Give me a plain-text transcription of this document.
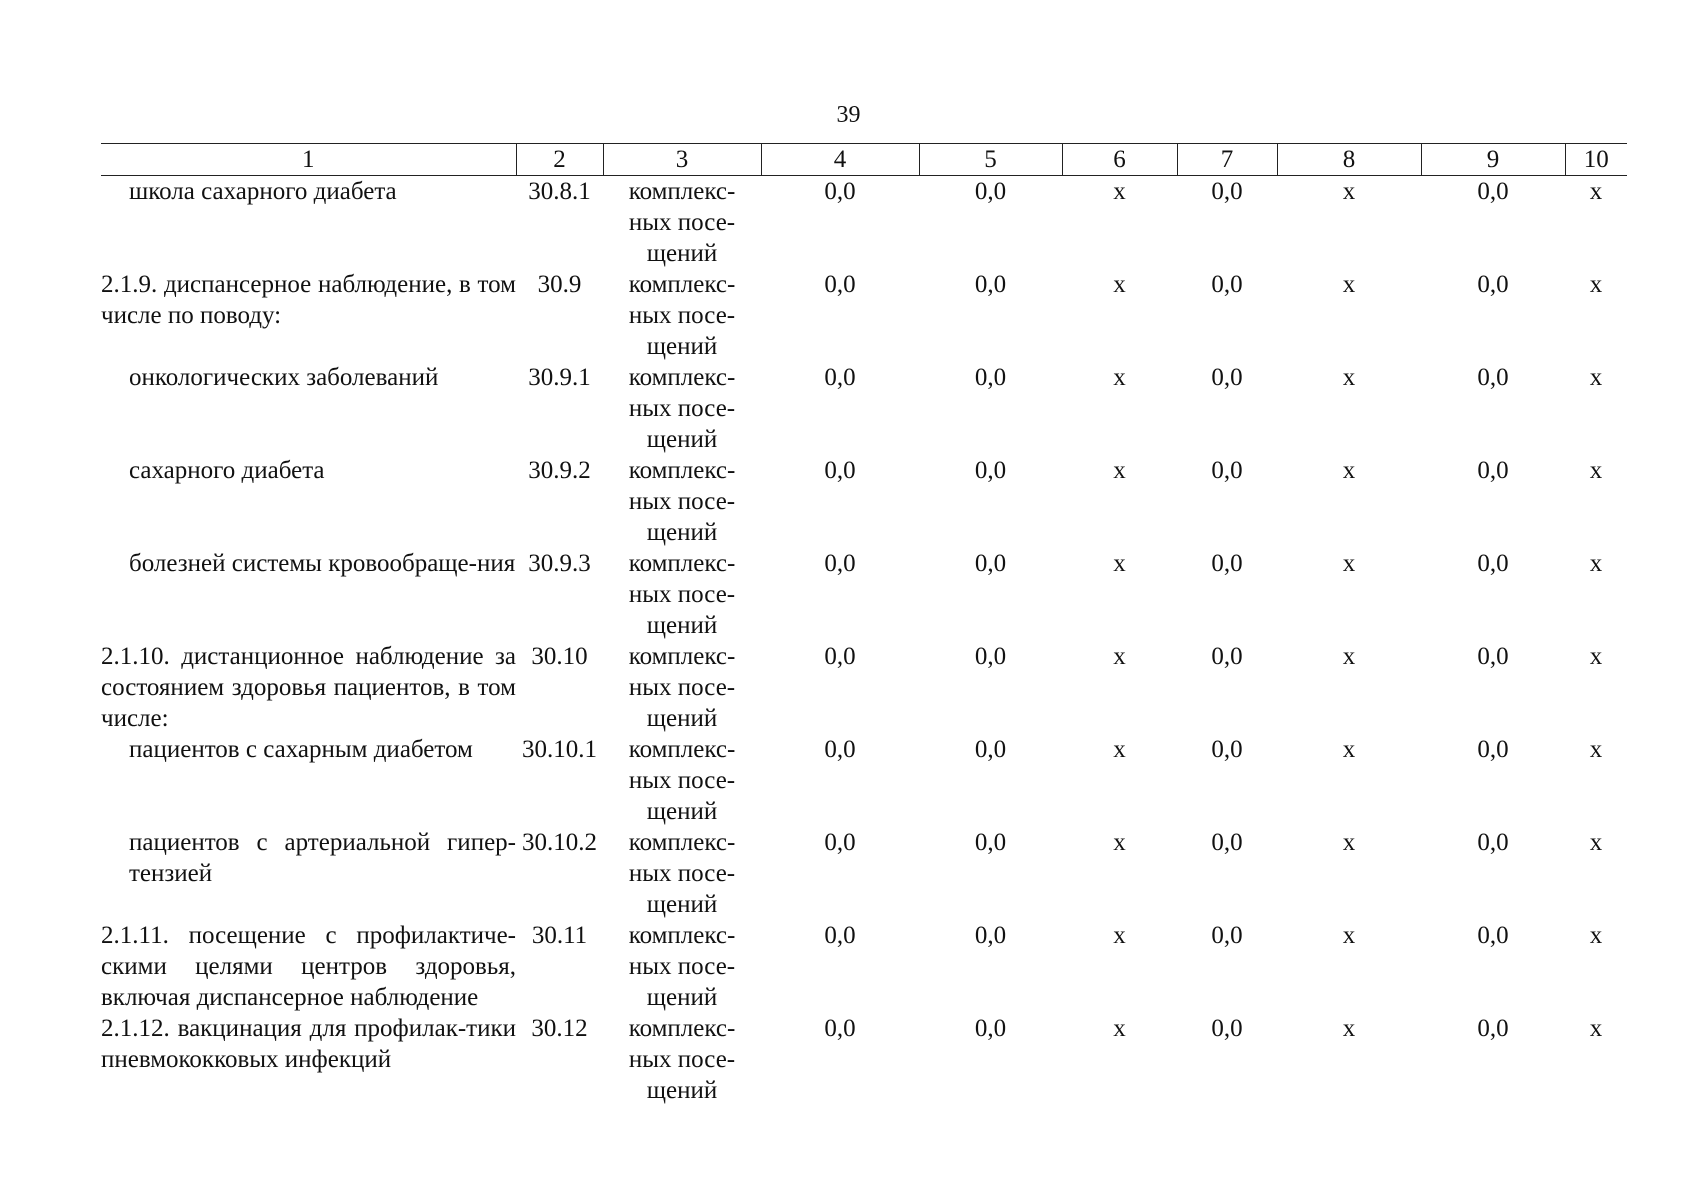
39
1	2	3	4	5	6	7	8	9	10
школа сахарного диабета	30.8.1	комплекс-
ных посе-
щений	0,0	0,0	х	0,0	х	0,0	х
2.1.9. диспансерное наблюдение, в том числе по поводу:	30.9	комплекс-
ных посе-
щений	0,0	0,0	х	0,0	х	0,0	х
онкологических заболеваний	30.9.1	комплекс-
ных посе-
щений	0,0	0,0	х	0,0	х	0,0	х
сахарного диабета	30.9.2	комплекс-
ных посе-
щений	0,0	0,0	х	0,0	х	0,0	х
болезней системы кровообраще-ния	30.9.3	комплекс-
ных посе-
щений	0,0	0,0	х	0,0	х	0,0	х
2.1.10. дистанционное наблюдение за состоянием здоровья пациентов, в том числе:	30.10	комплекс-
ных посе-
щений	0,0	0,0	х	0,0	х	0,0	х
пациентов с сахарным диабетом	30.10.1	комплекс-
ных посе-
щений	0,0	0,0	х	0,0	х	0,0	х
пациентов с артериальной гипер-тензией	30.10.2	комплекс-
ных посе-
щений	0,0	0,0	х	0,0	х	0,0	х
2.1.11. посещение с профилактиче-скими целями центров здоровья, включая диспансерное наблюдение	30.11	комплекс-
ных посе-
щений	0,0	0,0	х	0,0	х	0,0	х
2.1.12. вакцинация для профилак-тики пневмококковых инфекций	30.12	комплекс-
ных посе-
щений	0,0	0,0	х	0,0	х	0,0	х
